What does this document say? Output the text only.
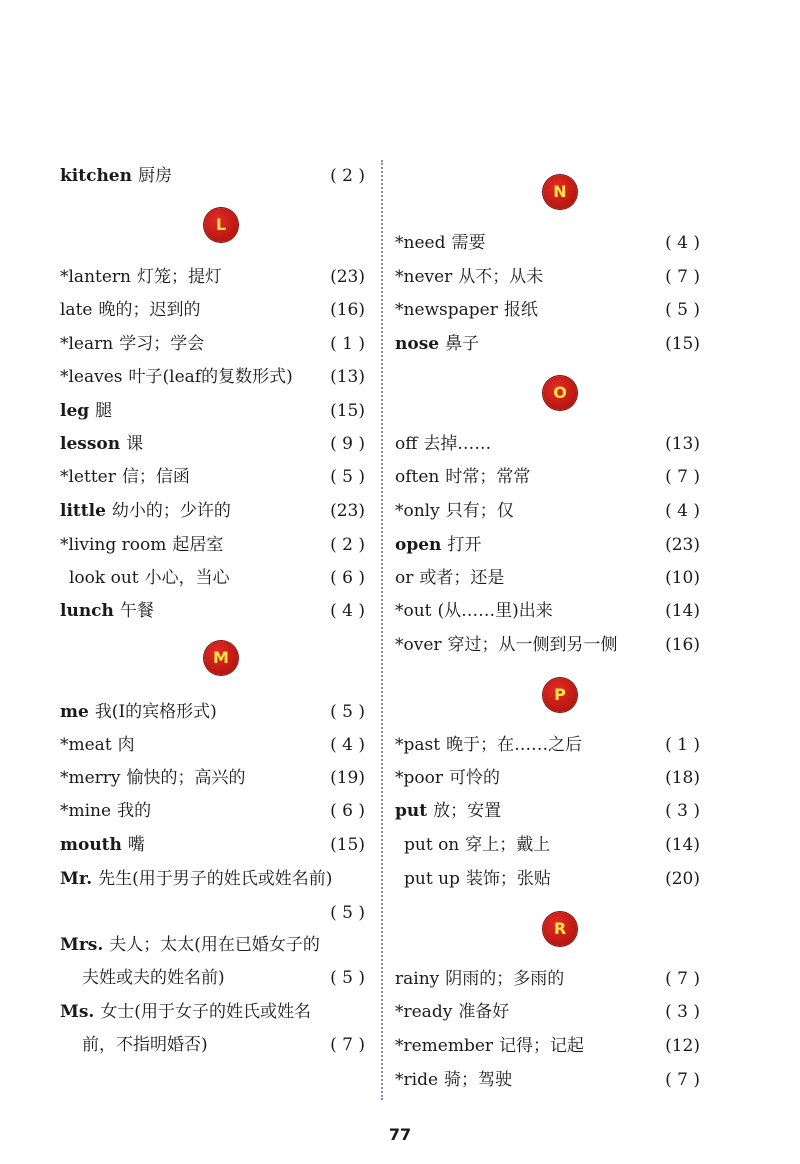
kitchen 厨房	( 2 )
L
*lantern 灯笼；提灯	(23)
late 晚的；迟到的	(16)
*learn 学习；学会	( 1 )
*leaves 叶子(leaf的复数形式) (13)
leg 腿	(15)
lesson 课	( 9 )
*letter 信；信函	( 5 )
little 幼小的；少许的	(23)
*living room 起居室	( 2 )
look out 小心，当心	( 6 )
lunch 午餐	( 4 )
M
me 我(I的宾格形式)	( 5 )
*meat 肉	( 4 )
*merry 愉快的；高兴的	(19)
*mine 我的	( 6 )
mouth 嘴	(15)
Mr. 先生(用于男子的姓氏或姓名前)
( 5 )
Mrs. 夫人；太太(用在已婚女子的
夫姓或夫的姓名前)	( 5 )
Ms. 女士(用于女子的姓氏或姓名
前，不指明婚否)	( 7 )
N
*need 需要	( 4 )
*never 从不；从未	( 7 )
*newspaper 报纸	( 5 )
nose 鼻子	(15)
O
off 去掉……	(13)
often 时常；常常	( 7 )
*only 只有；仅	( 4 )
open 打开	(23)
or 或者；还是	(10)
*out (从……里)出来	(14)
*over 穿过；从一侧到另一侧	(16)
P
*past 晚于；在……之后	( 1 )
*poor 可怜的	(18)
put 放；安置	( 3 )
put on 穿上；戴上	(14)
put up 装饰；张贴	(20)
R
rainy 阴雨的；多雨的	( 7 )
*ready 准备好	( 3 )
*remember 记得；记起	(12)
*ride 骑；驾驶	( 7 )
77
